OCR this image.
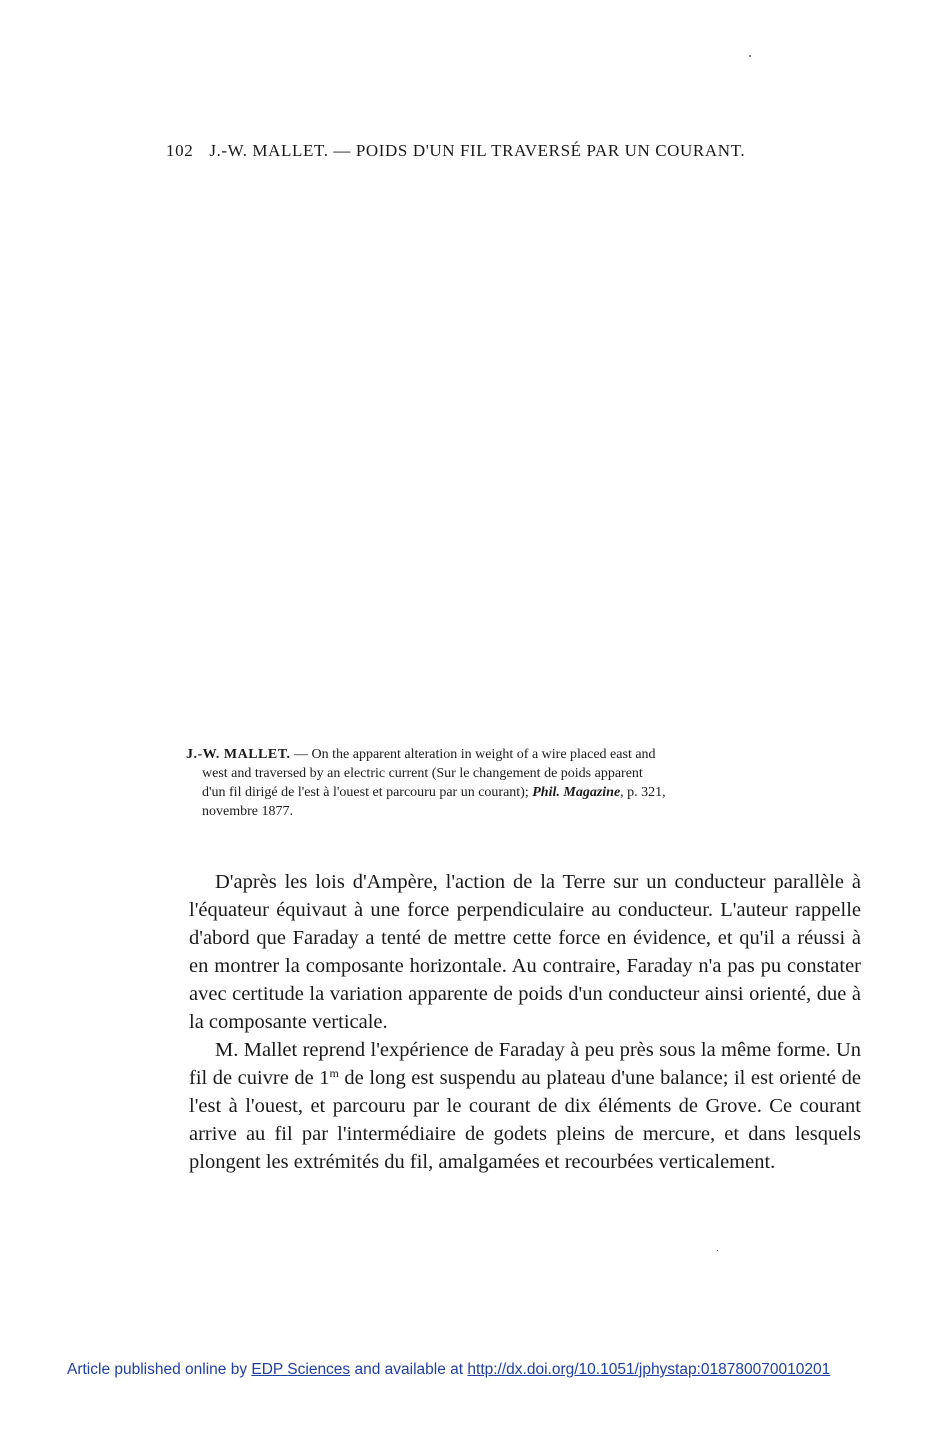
102 J.-W. MALLET. — POIDS D'UN FIL TRAVERSÉ PAR UN COURANT.
J.-W. MALLET. — On the apparent alteration in weight of a wire placed east and
west and traversed by an electric current (Sur le changement de poids apparent
d'un fil dirigé de l'est à l'ouest et parcouru par un courant); Phil. Magazine, p. 321,
novembre 1877.

D'après les lois d'Ampère, l'action de la Terre sur un conducteur parallèle à l'équateur équivaut à une force perpendiculaire au conducteur. L'auteur rappelle d'abord que Faraday a tenté de mettre cette force en évidence, et qu'il a réussi à en montrer la composante horizontale. Au contraire, Faraday n'a pas pu constater avec certitude la variation apparente de poids d'un conducteur ainsi orienté, due à la composante verticale.

M. Mallet reprend l'expérience de Faraday à peu près sous la même forme. Un fil de cuivre de 1$^m$ de long est suspendu au plateau d'une balance; il est orienté de l'est à l'ouest, et parcouru par le courant de dix éléments de Grove. Ce courant arrive au fil par l'intermédiaire de godets pleins de mercure, et dans lesquels plongent les extrémités du fil, amalgamées et recourbées verticalement.

Article published online by EDP Sciences and available at http://dx.doi.org/10.1051/jphystap:018780070010201
